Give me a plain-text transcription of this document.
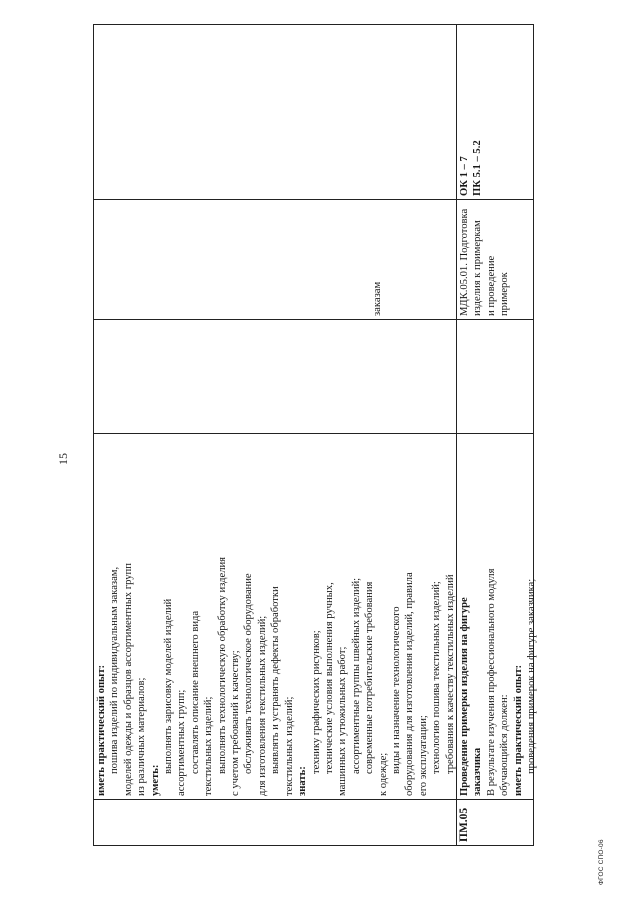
15

иметь практический опыт: пошива изделий по индивидуальным заказам, моделей одежды и образцов ассортиментных групп из различных материалов; уметь:

выполнять зарисовку моделей изделий ассортиментных групп; составлять описание внешнего вида текстильных изделий; выполнять технологическую обработку изделия с учетом требований к качеству; обслуживать технологическое оборудование для изготовления текстильных изделий; выявлять и устранять дефекты обработки текстильных изделий; знать:

технику графических рисунков; технические условия выполнения ручных, машинных и утюжильных работ; ассортиментные группы швейных изделий; современные потребительские требования

к одежде;

виды и назначение технологического оборудования для изготовления изделий, правила его эксплуатации; технологию пошива текстильных изделий; требования к качеству текстильных изделий

заказам

ПМ.05

Проведение примерки изделия на фигуре заказчика В результате изучения профессионального модуля обучающийся должен: иметь практический опыт: проведения примерок на фигуре заказчика;

МДК.05.01. Подготовка изделия к примеркам и проведение примерок

ОК 1 – 7 ПК 5.1 – 5.2

ФГОС СПО-06
